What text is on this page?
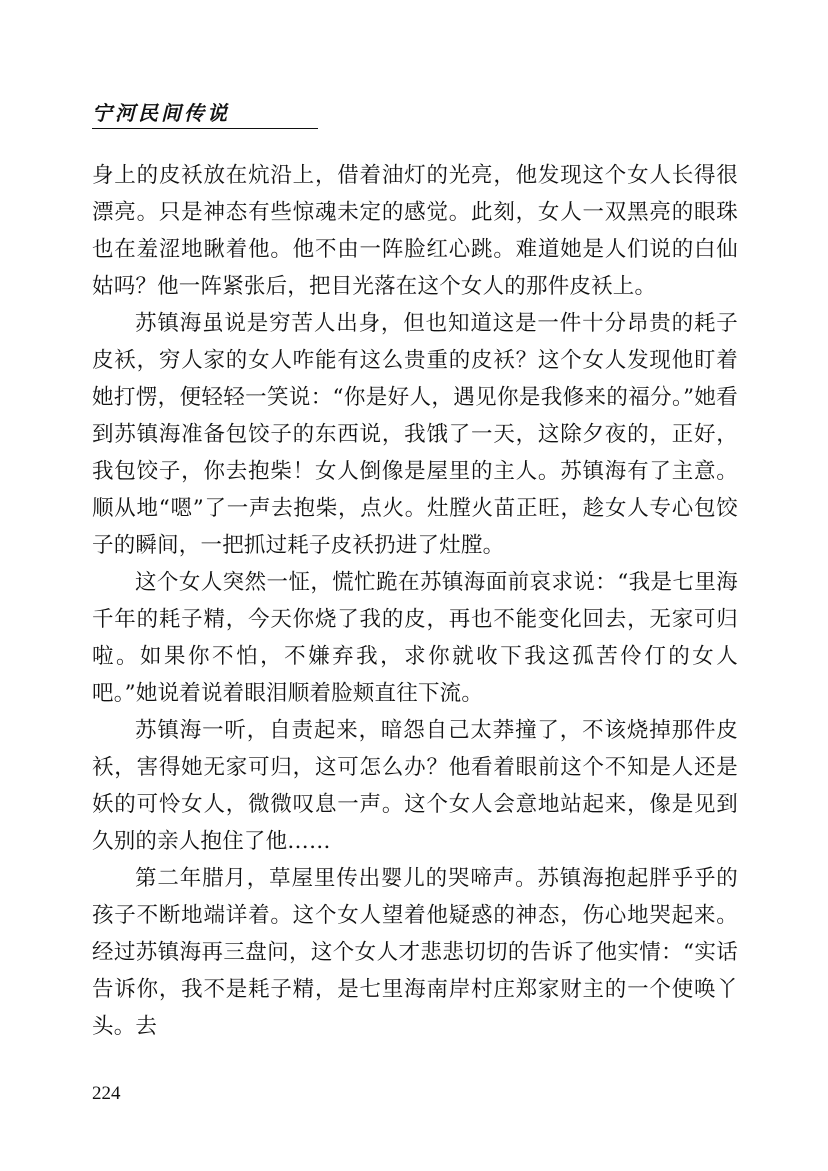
宁河民间传说

身上的皮袄放在炕沿上，借着油灯的光亮，他发现这个女人长得很漂亮。只是神态有些惊魂未定的感觉。此刻，女人一双黑亮的眼珠也在羞涩地瞅着他。他不由一阵脸红心跳。难道她是人们说的白仙姑吗？他一阵紧张后，把目光落在这个女人的那件皮袄上。

苏镇海虽说是穷苦人出身，但也知道这是一件十分昂贵的耗子皮袄，穷人家的女人咋能有这么贵重的皮袄？这个女人发现他盯着她打愣，便轻轻一笑说：“你是好人，遇见你是我修来的福分。”她看到苏镇海准备包饺子的东西说，我饿了一天，这除夕夜的，正好，我包饺子，你去抱柴！女人倒像是屋里的主人。苏镇海有了主意。顺从地“嗯”了一声去抱柴，点火。灶膛火苗正旺，趁女人专心包饺子的瞬间，一把抓过耗子皮袄扔进了灶膛。

这个女人突然一怔，慌忙跪在苏镇海面前哀求说：“我是七里海千年的耗子精，今天你烧了我的皮，再也不能变化回去，无家可归啦。如果你不怕，不嫌弃我，求你就收下我这孤苦伶仃的女人吧。”她说着说着眼泪顺着脸颊直往下流。

苏镇海一听，自责起来，暗怨自己太莽撞了，不该烧掉那件皮袄，害得她无家可归，这可怎么办？他看着眼前这个不知是人还是妖的可怜女人，微微叹息一声。这个女人会意地站起来，像是见到久别的亲人抱住了他……

第二年腊月，草屋里传出婴儿的哭啼声。苏镇海抱起胖乎乎的孩子不断地端详着。这个女人望着他疑惑的神态，伤心地哭起来。经过苏镇海再三盘问，这个女人才悲悲切切的告诉了他实情：“实话告诉你，我不是耗子精，是七里海南岸村庄郑家财主的一个使唤丫头。去

224
